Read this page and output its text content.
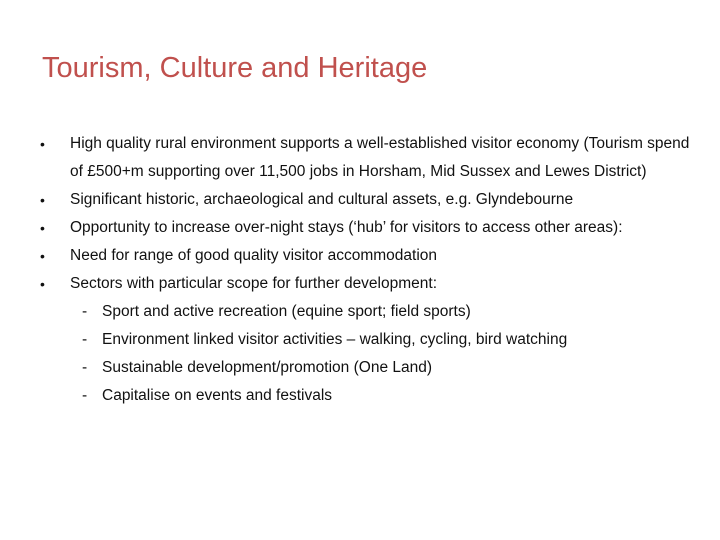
Tourism, Culture and Heritage
•	High quality rural environment supports a well-established visitor economy (Tourism spend of £500+m supporting over 11,500 jobs in Horsham, Mid Sussex and Lewes District)
•	Significant historic, archaeological and cultural assets, e.g. Glyndebourne
•	Opportunity to increase over-night stays (‘hub’ for visitors to access other areas):
•	Need for range of good quality visitor accommodation
•	Sectors with particular scope for further development:
- Sport and active recreation (equine sport; field sports)
- Environment linked visitor activities – walking, cycling, bird watching
- Sustainable development/promotion (One Land)
- Capitalise on events and festivals
